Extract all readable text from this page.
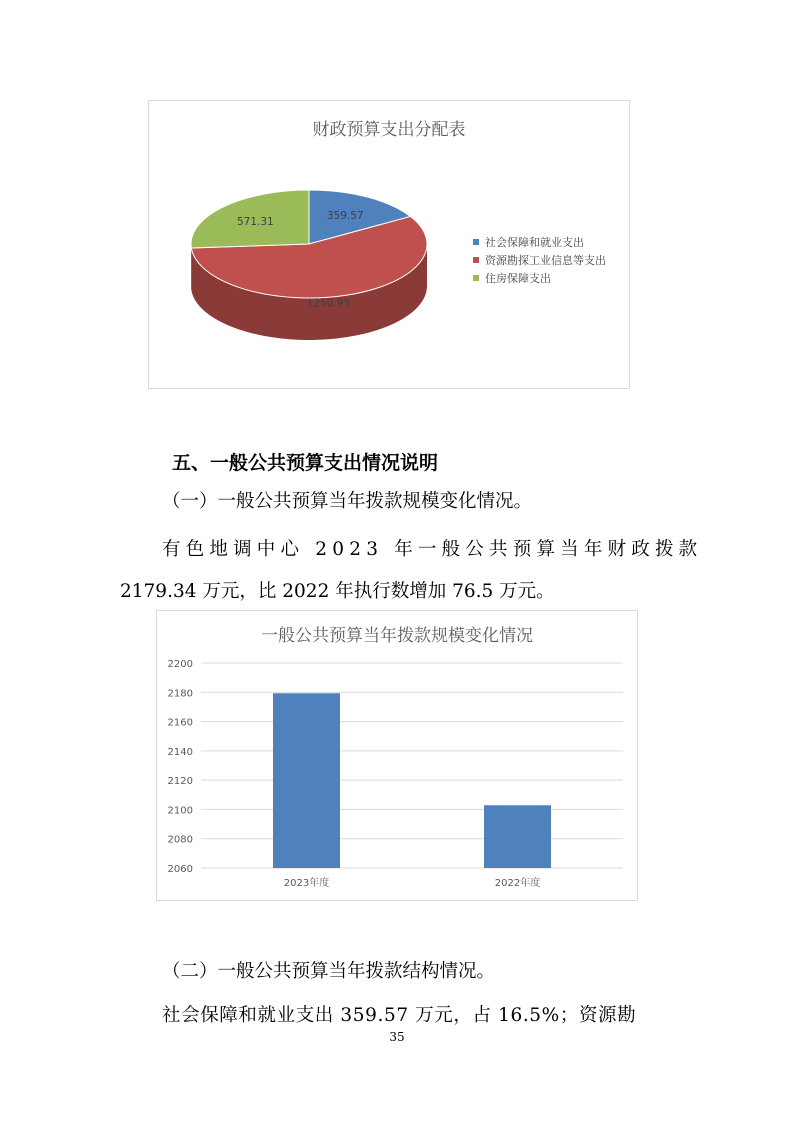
财政预算支出分配表
359.57
1250.95
571.31
社会保障和就业支出
资源勘探工业信息等支出
住房保障支出
五、一般公共预算支出情况说明
（一）一般公共预算当年拨款规模变化情况。
有色地调中心 2023 年一般公共预算当年财政拨款
2179.34 万元，比 2022 年执行数增加 76.5 万元。
一般公共预算当年拨款规模变化情况
2200
2180
2160
2140
2120
2100
2080
2060
2023年度	2022年度
（二）一般公共预算当年拨款结构情况。
社会保障和就业支出 359.57 万元，占 16.5%；资源勘
35
